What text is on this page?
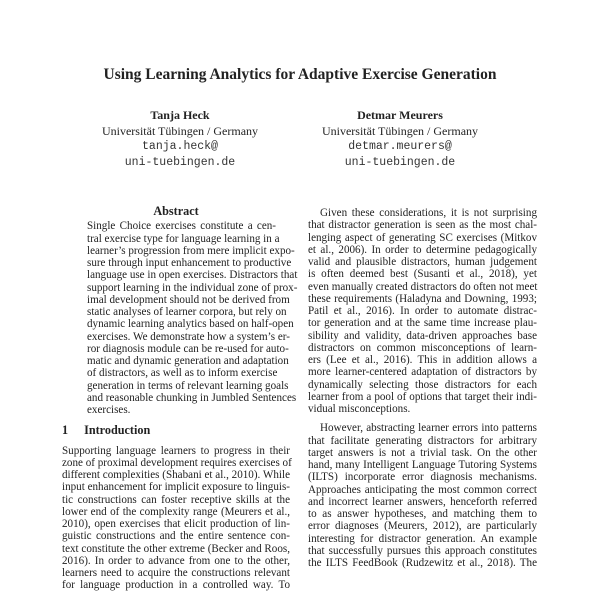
Using Learning Analytics for Adaptive Exercise Generation
Tanja Heck
Universität Tübingen / Germany
tanja.heck@
uni-tuebingen.de
Detmar Meurers
Universität Tübingen / Germany
detmar.meurers@
uni-tuebingen.de
Abstract
Single Choice exercises constitute a cen-
tral exercise type for language learning in a
learner’s progression from mere implicit expo-
sure through input enhancement to productive
language use in open exercises. Distractors that
support learning in the individual zone of prox-
imal development should not be derived from
static analyses of learner corpora, but rely on
dynamic learning analytics based on half-open
exercises. We demonstrate how a system’s er-
ror diagnosis module can be re-used for auto-
matic and dynamic generation and adaptation
of distractors, as well as to inform exercise
generation in terms of relevant learning goals
and reasonable chunking in Jumbled Sentences
exercises.
1 Introduction
Supporting language learners to progress in their
zone of proximal development requires exercises of
different complexities (Shabani et al., 2010). While
input enhancement for implicit exposure to linguis-
tic constructions can foster receptive skills at the
lower end of the complexity range (Meurers et al.,
2010), open exercises that elicit production of lin-
guistic constructions and the entire sentence con-
text constitute the other extreme (Becker and Roos,
2016). In order to advance from one to the other,
learners need to acquire the constructions relevant
for language production in a controlled way. To
Given these considerations, it is not surprising
that distractor generation is seen as the most chal-
lenging aspect of generating SC exercises (Mitkov
et al., 2006). In order to determine pedagogically
valid and plausible distractors, human judgement
is often deemed best (Susanti et al., 2018), yet
even manually created distractors do often not meet
these requirements (Haladyna and Downing, 1993;
Patil et al., 2016). In order to automate distrac-
tor generation and at the same time increase plau-
sibility and validity, data-driven approaches base
distractors on common misconceptions of learn-
ers (Lee et al., 2016). This in addition allows a
more learner-centered adaptation of distractors by
dynamically selecting those distractors for each
learner from a pool of options that target their indi-
vidual misconceptions.
However, abstracting learner errors into patterns
that facilitate generating distractors for arbitrary
target answers is not a trivial task. On the other
hand, many Intelligent Language Tutoring Systems
(ILTS) incorporate error diagnosis mechanisms.
Approaches anticipating the most common correct
and incorrect learner answers, henceforth referred
to as answer hypotheses, and matching them to
error diagnoses (Meurers, 2012), are particularly
interesting for distractor generation. An example
that successfully pursues this approach constitutes
the ILTS FeedBook (Rudzewitz et al., 2018). The
